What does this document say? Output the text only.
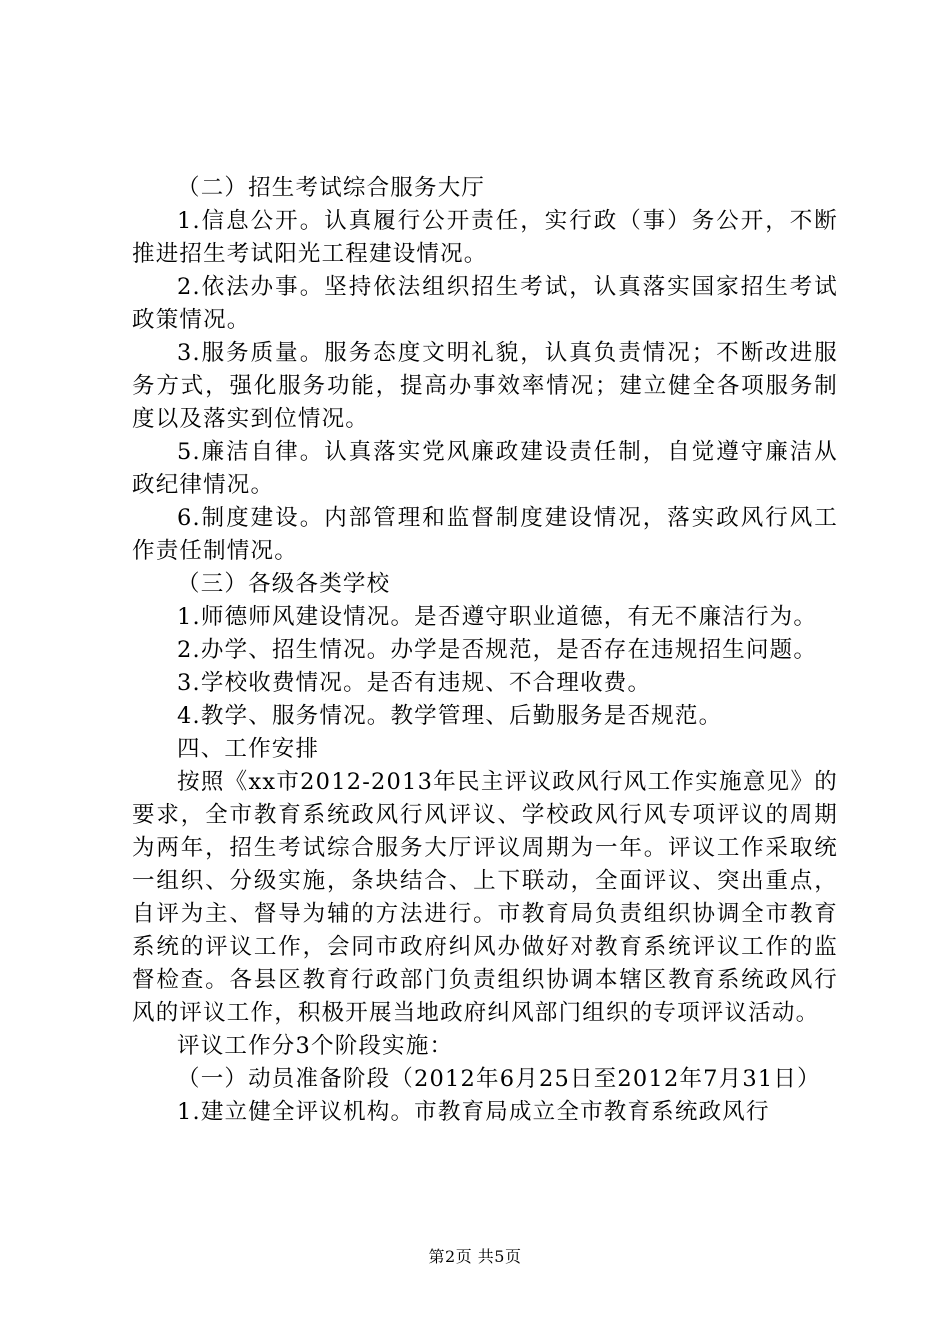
（二）招生考试综合服务大厅

1.信息公开。认真履行公开责任，实行政（事）务公开，不断推进招生考试阳光工程建设情况。

2.依法办事。坚持依法组织招生考试，认真落实国家招生考试政策情况。

3.服务质量。服务态度文明礼貌，认真负责情况；不断改进服务方式，强化服务功能，提高办事效率情况；建立健全各项服务制度以及落实到位情况。

5.廉洁自律。认真落实党风廉政建设责任制，自觉遵守廉洁从政纪律情况。

6.制度建设。内部管理和监督制度建设情况，落实政风行风工作责任制情况。

（三）各级各类学校

1.师德师风建设情况。是否遵守职业道德，有无不廉洁行为。

2.办学、招生情况。办学是否规范，是否存在违规招生问题。

3.学校收费情况。是否有违规、不合理收费。

4.教学、服务情况。教学管理、后勤服务是否规范。

四、工作安排

按照《xx市2012-2013年民主评议政风行风工作实施意见》的要求，全市教育系统政风行风评议、学校政风行风专项评议的周期为两年，招生考试综合服务大厅评议周期为一年。评议工作采取统一组织、分级实施，条块结合、上下联动，全面评议、突出重点，自评为主、督导为辅的方法进行。市教育局负责组织协调全市教育系统的评议工作，会同市政府纠风办做好对教育系统评议工作的监督检查。各县区教育行政部门负责组织协调本辖区教育系统政风行风的评议工作，积极开展当地政府纠风部门组织的专项评议活动。

评议工作分3个阶段实施：

（一）动员准备阶段（2012年6月25日至2012年7月31日）

1.建立健全评议机构。市教育局成立全市教育系统政风行

第2页 共5页
